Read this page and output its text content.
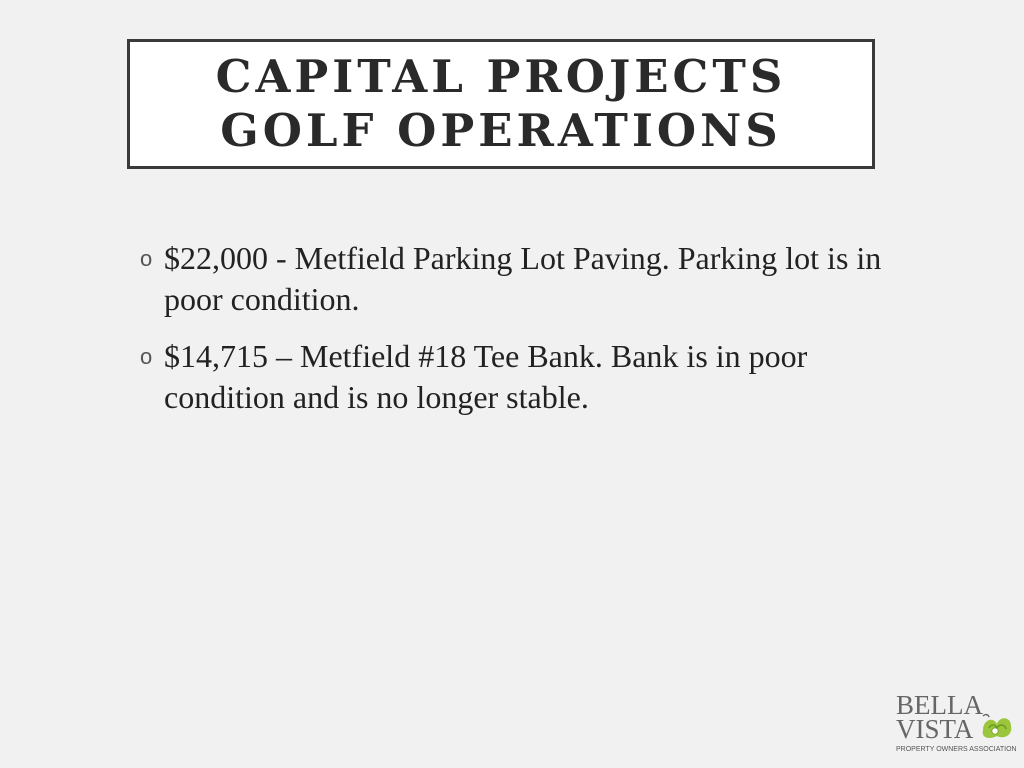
CAPITAL PROJECTS
GOLF OPERATIONS
o $22,000 - Metfield Parking Lot Paving. Parking lot is in poor condition.
o $14,715 – Metfield #18 Tee Bank. Bank is in poor condition and is no longer stable.
BELLA
VISTA
PROPERTY OWNERS ASSOCIATION
